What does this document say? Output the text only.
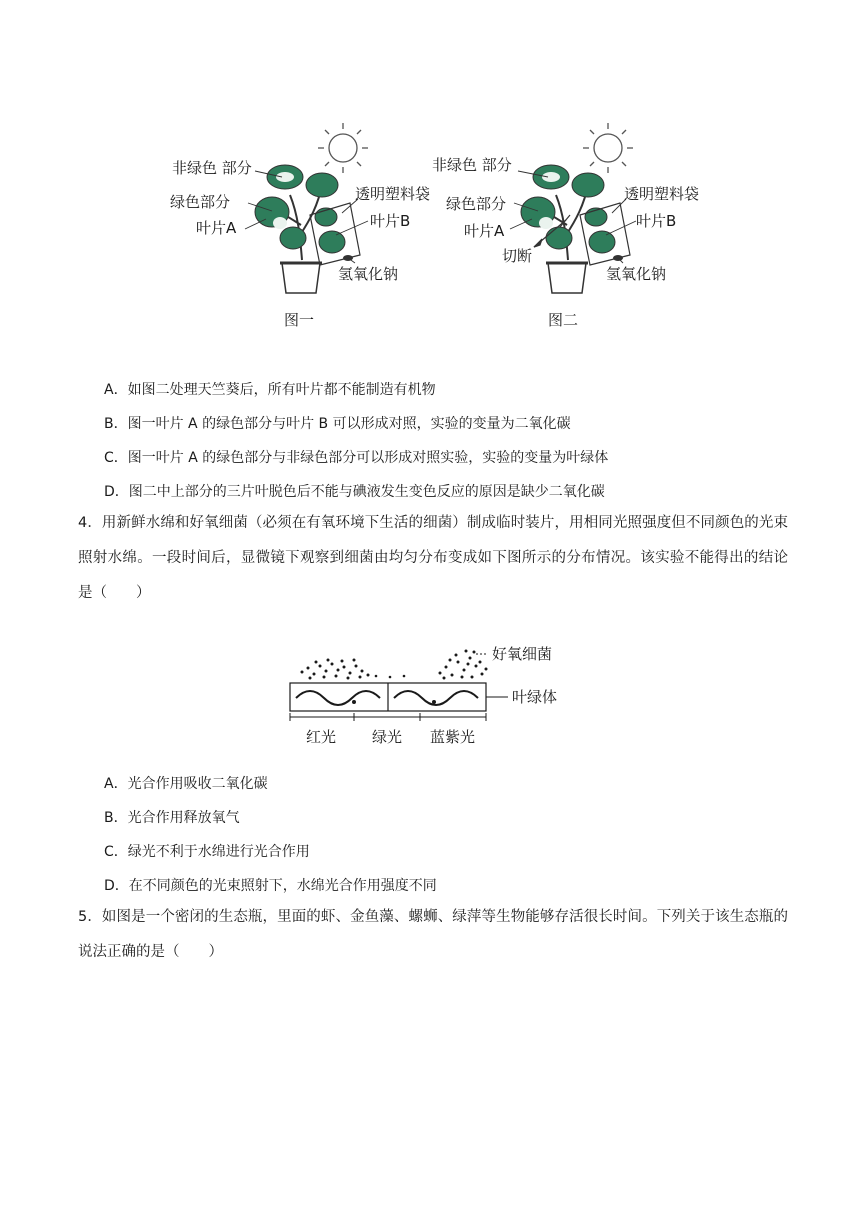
非绿色 部分
绿色部分
叶片A
透明塑料袋
叶片B
氢氧化钠
图一
非绿色 部分
绿色部分
叶片A
切断
透明塑料袋
叶片B
氢氧化钠
图二
A．如图二处理天竺葵后，所有叶片都不能制造有机物
B．图一叶片 A 的绿色部分与叶片 B 可以形成对照，实验的变量为二氧化碳
C．图一叶片 A 的绿色部分与非绿色部分可以形成对照实验，实验的变量为叶绿体
D．图二中上部分的三片叶脱色后不能与碘液发生变色反应的原因是缺少二氧化碳
4．用新鲜水绵和好氧细菌（必须在有氧环境下生活的细菌）制成临时装片，用相同光照强度但不同颜色的光束照射水绵。一段时间后，显微镜下观察到细菌由均匀分布变成如下图所示的分布情况。该实验不能得出的结论是（　　）
好氧细菌
叶绿体
红光 绿光 蓝紫光
A．光合作用吸收二氧化碳
B．光合作用释放氧气
C．绿光不利于水绵进行光合作用
D．在不同颜色的光束照射下，水绵光合作用强度不同
5．如图是一个密闭的生态瓶，里面的虾、金鱼藻、螺蛳、绿萍等生物能够存活很长时间。下列关于该生态瓶的说法正确的是（　　）
